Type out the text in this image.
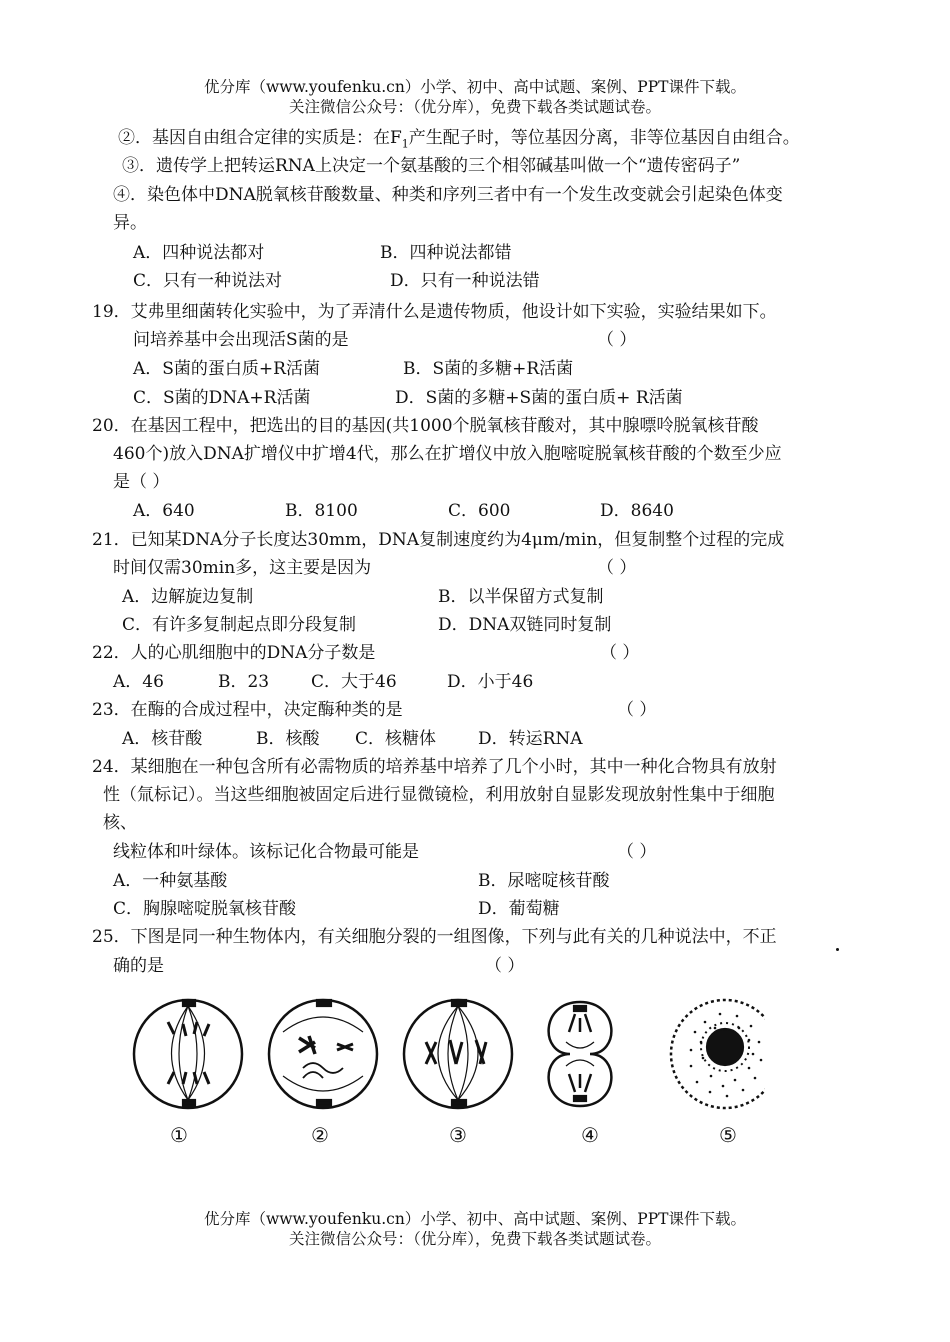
优分库（www.youfenku.cn）小学、初中、高中试题、案例、PPT课件下载。
关注微信公众号：（优分库），免费下载各类试题试卷。
②．基因自由组合定律的实质是：在$F_1$产生配子时，等位基因分离，非等位基因自由组合。
③．遗传学上把转运RNA上决定一个氨基酸的三个相邻碱基叫做一个“遗传密码子”
④．染色体中DNA脱氧核苷酸数量、种类和序列三者中有一个发生改变就会引起染色体变
异。
A．四种说法都对	B．四种说法都错
C．只有一种说法对	D．只有一种说法错
19．艾弗里细菌转化实验中，为了弄清什么是遗传物质，他设计如下实验，实验结果如下。
问培养基中会出现活S菌的是	（ ）
A．S菌的蛋白质+R活菌	B．S菌的多糖+R活菌
C．S菌的DNA+R活菌	D．S菌的多糖+S菌的蛋白质+ R活菌
20．在基因工程中，把选出的目的基因(共1000个脱氧核苷酸对，其中腺嘌呤脱氧核苷酸
460个)放入DNA扩增仪中扩增4代，那么在扩增仪中放入胞嘧啶脱氧核苷酸的个数至少应
是（ ）
A．640	B．8100	C．600	D．8640
21．已知某DNA分子长度达30mm，DNA复制速度约为4μm/min，但复制整个过程的完成
时间仅需30min多，这主要是因为	（ ）
A．边解旋边复制	B．以半保留方式复制
C．有许多复制起点即分段复制	D．DNA双链同时复制
22．人的心肌细胞中的DNA分子数是	（ ）
A．46	B．23 C．大于46	D．小于46
23．在酶的合成过程中，决定酶种类的是	（ ）
A．核苷酸	B．核酸 C．核糖体 D．转运RNA
24．某细胞在一种包含所有必需物质的培养基中培养了几个小时，其中一种化合物具有放射
性（氚标记）。当这些细胞被固定后进行显微镜检，利用放射自显影发现放射性集中于细胞
核、
线粒体和叶绿体。该标记化合物最可能是	（ ）
A．一种氨基酸	B．尿嘧啶核苷酸
C．胸腺嘧啶脱氧核苷酸	D．葡萄糖
25．下图是同一种生物体内，有关细胞分裂的一组图像，下列与此有关的几种说法中，不正
确的是	（ ）
①	②	③	④	⑤
优分库（www.youfenku.cn）小学、初中、高中试题、案例、PPT课件下载。
关注微信公众号：（优分库），免费下载各类试题试卷。
